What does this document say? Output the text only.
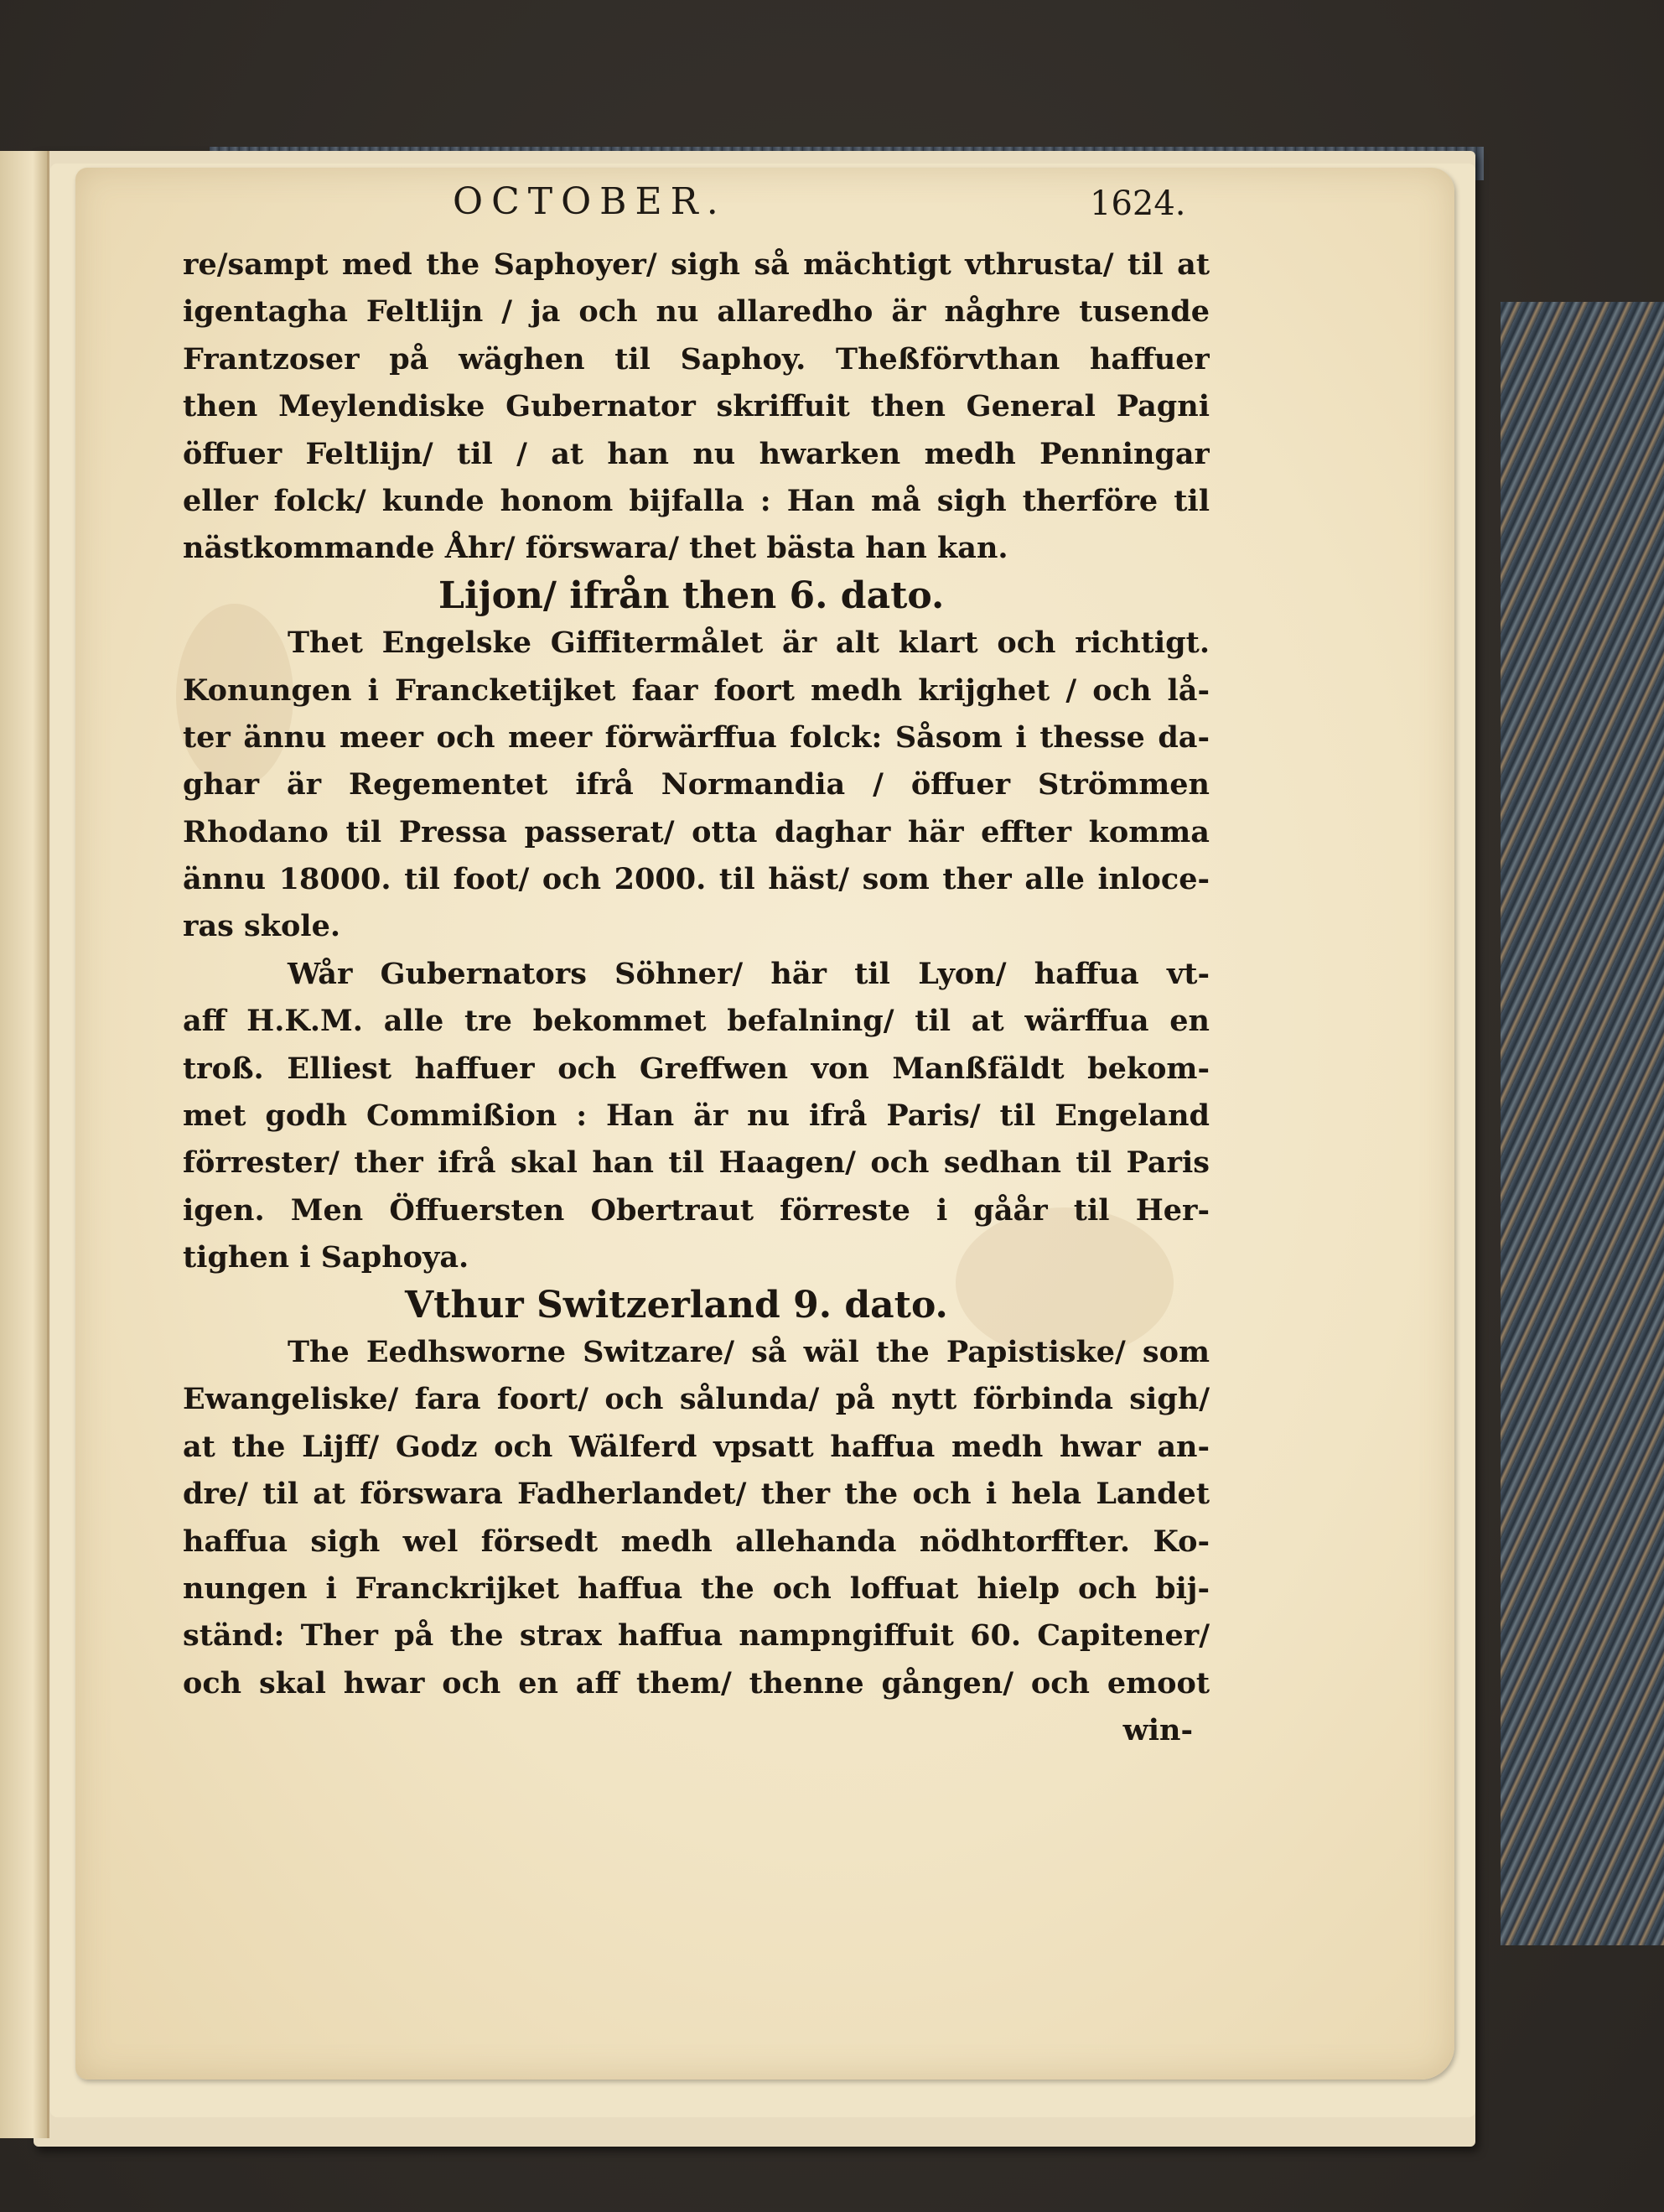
OCTOBER.	1624.
re/sampt med the Saphoyer/ sigh så mächtigt vthrusta/ til at
igentagha Feltlijn / ja och nu allaredho är någhre tusende
Frantzoser på wäghen til Saphoy. Theßförvthan haffuer
then Meylendiske Gubernator skriffuit then General Pagni
öffuer Feltlijn/ til / at han nu hwarken medh Penningar
eller folck/ kunde honom bijfalla : Han må sigh therföre til
nästkommande Åhr/ förswara/ thet bästa han kan.
Lijon/ ifrån then 6. dato.
Thet Engelske Giffitermålet är alt klart och richtigt.
Konungen i Francketijket faar foort medh krijghet / och lå-
ter ännu meer och meer förwärffua folck: Såsom i thesse da-
ghar är Regementet ifrå Normandia / öffuer Strömmen
Rhodano til Pressa passerat/ otta daghar här effter komma
ännu 18000. til foot/ och 2000. til häst/ som ther alle inloce-
ras skole.
Wår Gubernators Söhner/ här til Lyon/ haffua vt-
aff H.K.M. alle tre bekommet befalning/ til at wärffua en
troß. Elliest haffuer och Greffwen von Manßfäldt bekom-
met godh Commißion : Han är nu ifrå Paris/ til Engeland
förrester/ ther ifrå skal han til Haagen/ och sedhan til Paris
igen. Men Öffuersten Obertraut förreste i gåår til Her-
tighen i Saphoya.
Vthur Switzerland 9. dato.
The Eedhsworne Switzare/ så wäl the Papistiske/ som
Ewangeliske/ fara foort/ och sålunda/ på nytt förbinda sigh/
at the Lijff/ Godz och Wälferd vpsatt haffua medh hwar an-
dre/ til at förswara Fadherlandet/ ther the och i hela Landet
haffua sigh wel försedt medh allehanda nödhtorffter. Ko-
nungen i Franckrijket haffua the och loffuat hielp och bij-
ständ: Ther på the strax haffua nampngiffuit 60. Capitener/
och skal hwar och en aff them/ thenne gången/ och emoot
win-
